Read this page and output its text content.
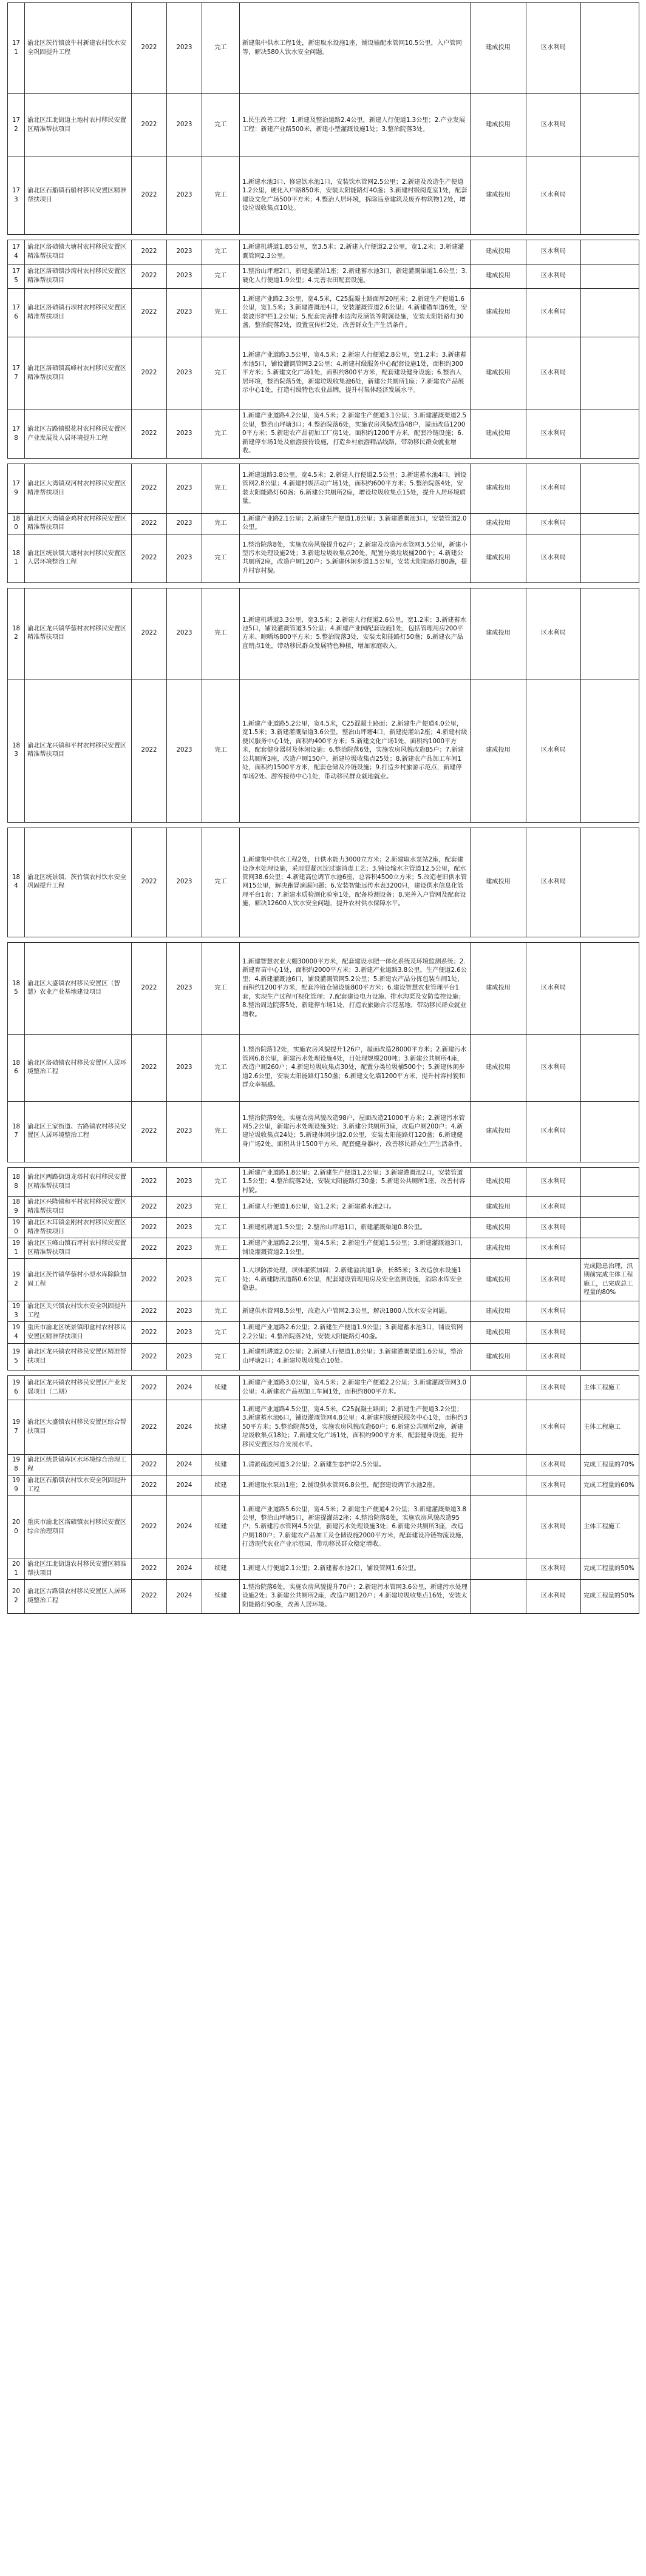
171	渝北区茨竹镇放牛村新建农村饮水安全巩固提升工程	2022	2023	完工	新建集中供水工程1处，新建取水设施1座，铺设输配水管网10.5公里，入户管网等，解决580人饮水安全问题。	建成投用	区水利局	
172	渝北区江北街道土地村农村移民安置区精准帮扶项目	2022	2023	完工	1.民生改善工程：1.新建及整治道路2.4公里，新建人行便道1.3公里；2.产业发展工程：新建产业路500米，新建小型灌溉设施1处；3.整治院落3处。	建成投用	区水利局	
173	渝北区石船镇石船村移民安置区精准帮扶项目	2022	2023	完工	1.新建水池3口、修建饮水池1口，安装饮水管网2.5公里；2.新建及改造生产便道1.2公里，硬化入户路850米，安装太阳能路灯40盏；3.新建村级阅览室1处，配套建设文化广场500平方米；4.整治人居环境，拆除违章建筑及废弃构筑物12处，增设垃圾收集点10处。	建成投用	区水利局	

174	渝北区洛碛镇大塘村农村移民安置区精准帮扶项目	2022	2023	完工	1.新建机耕道1.85公里，宽3.5米；2.新建人行便道2.2公里，宽1.2米；3.新建灌溉管网2.3公里。	建成投用	区水利局	
175	渝北区洛碛镇沙湾村农村移民安置区精准帮扶项目	2022	2023	完工	1.整治山坪塘2口，新建提灌站1座；2.新建蓄水池3口，新建灌溉渠道1.6公里；3.硬化人行便道1.9公里；4.完善农田配套设施。	建成投用	区水利局	
176	渝北区洛碛镇石坝村农村移民安置区精准帮扶项目	2022	2023	完工	1.新建产业路2.3公里，宽4.5米，C25混凝土路面厚20厘米；2.新建生产便道1.6公里，宽1.5米；3.新建灌溉池4口，安装灌溉管道2.6公里；4.新建错车道6处，安装波形护栏1.2公里；5.配套完善排水边沟及涵管等附属设施，安装太阳能路灯30盏，整治院落2处，设置宣传栏2处，改善群众生产生活条件。	建成投用	区水利局	
177	渝北区洛碛镇高峰村农村移民安置区精准帮扶项目	2022	2023	完工	1.新建产业道路3.5公里，宽4.5米；2.新建人行便道2.8公里，宽1.2米；3.新建蓄水池5口，铺设灌溉管网3.2公里；4.新建村级服务中心配套设施1处，面积约300平方米；5.新建文化广场1处，面积约800平方米，配套建设健身设施；6.整治人居环境，整治院落5处，新建垃圾收集池6处，新建公共厕所1座；7.新建农产品展示中心1处，打造村级特色农业品牌，提升村集体经济发展水平。	建成投用	区水利局	
178	渝北区古路镇银花村农村移民安置区产业发展及人居环境提升工程	2022	2023	完工	1.新建产业道路4.2公里，宽4.5米；2.新建生产便道3.1公里；3.新建灌溉渠道2.5公里，整治山坪塘3口；4.整治院落6处，实施农房风貌改造48户，屋面改造12000平方米；5.新建农产品初加工厂房1处，面积约1200平方米，配套冷链设施；6.新建停车场1处及旅游接待设施，打造乡村旅游精品线路，带动移民群众就业增收。	建成投用	区水利局	

179	渝北区大湾镇双河村农村移民安置区精准帮扶项目	2022	2023	完工	1.新建道路3.8公里，宽4.5米；2.新建人行便道2.5公里；3.新建蓄水池4口，铺设管网2.8公里；4.新建村级活动广场1处，面积约600平方米；5.整治院落4处，安装太阳能路灯60盏；6.新建公共厕所2座，增设垃圾收集点15处，提升人居环境质量。	建成投用	区水利局	
180	渝北区大湾镇金鸡村农村移民安置区精准帮扶项目	2022	2023	完工	1.新建产业路2.1公里；2.新建生产便道1.8公里；3.新建灌溉池3口，安装管道2.0公里。	建成投用	区水利局	
181	渝北区统景镇大塘村农村移民安置区人居环境整治工程	2022	2023	完工	1.整治院落8处，实施农房风貌提升62户；2.新建及改造污水管网3.5公里，新建小型污水处理设施2处；3.新建垃圾收集点20处，配置分类垃圾桶200个；4.新建公共厕所2座，改造户厕120户；5.新建休闲步道1.5公里，安装太阳能路灯80盏，提升村容村貌。	建成投用	区水利局	

182	渝北区龙兴镇华蓥村农村移民安置区精准帮扶项目	2022	2023	完工	1.新建机耕道3.3公里，宽3.5米；2.新建人行便道2.6公里，宽1.2米；3.新建蓄水池5口，铺设灌溉管道3.5公里；4.新建产业园配套设施1处，包括管理用房200平方米、晾晒场800平方米；5.整治院落3处，安装太阳能路灯50盏；6.新建农产品直销点1处，带动移民群众发展特色种植，增加家庭收入。	建成投用	区水利局	
183	渝北区龙兴镇和平村农村移民安置区精准帮扶项目	2022	2023	完工	1.新建产业道路5.2公里，宽4.5米，C25混凝土路面；2.新建生产便道4.0公里，宽1.5米；3.新建灌溉渠道3.6公里，整治山坪塘4口，新建提灌站2座；4.新建村级便民服务中心1处，面积约400平方米；5.新建文化广场1处，面积约1000平方米，配套健身器材及休闲设施；6.整治院落6处，实施农房风貌改造85户；7.新建公共厕所3座，改造户厕150户，新建垃圾收集点25处；8.新建农产品加工车间1处，面积约1500平方米，配套仓储及冷链设施；9.打造乡村旅游示范点，新建停车场2处、游客接待中心1处，带动移民群众就地就业。	建成投用	区水利局	

184	渝北区统景镇、茨竹镇农村饮水安全巩固提升工程	2022	2023	完工	1.新建集中供水工程2处，日供水能力3000立方米；2.新建取水泵站2座，配套建设净水处理设施，采用混凝沉淀过滤消毒工艺；3.铺设输水主管道12.5公里，配水管网38.6公里；4.新建高位调节水池6座，总容积4500立方米；5.改造老旧供水管网15公里，解决跑冒滴漏问题；6.安装智能远传水表3200只，建设供水信息化管理平台1套；7.新建水质检测化验室1处，配备检测设备；8.完善入户管网及配套设施，解决12600人饮水安全问题，提升农村供水保障水平。	建成投用	区水利局	

185	渝北区大盛镇农村移民安置区（智慧）农业产业基地建设项目	2022	2023	完工	1.新建智慧农业大棚30000平方米，配套建设水肥一体化系统及环境监测系统；2.新建育苗中心1处，面积约2000平方米；3.新建产业道路3.8公里，生产便道2.6公里；4.新建灌溉池6口，铺设灌溉管网5.2公里；5.新建农产品分拣包装车间1处，面积约1200平方米，配套冷链仓储设施800平方米；6.建设智慧农业管理平台1套，实现生产过程可视化管理；7.配套建设电力设施、排水沟渠及安防监控设施；8.整治周边院落5处，新建停车场1处，打造农旅融合示范基地，带动移民群众就业增收。	建成投用	区水利局	
186	渝北区洛碛镇农村移民安置区人居环境整治工程	2022	2023	完工	1.整治院落12处，实施农房风貌提升126户，屋面改造28000平方米；2.新建污水管网6.8公里，新建污水处理设施4处，日处理规模200吨；3.新建公共厕所4座，改造户厕260户；4.新建垃圾收集点30处，配置分类垃圾桶500个；5.新建休闲步道2.6公里，安装太阳能路灯150盏；6.新建文化墙1200平方米，提升村容村貌和群众幸福感。	建成投用	区水利局	
187	渝北区王家街道、古路镇农村移民安置区人居环境整治工程	2022	2023	完工	1.整治院落9处，实施农房风貌改造98户，屋面改造21000平方米；2.新建污水管网5.2公里，新建污水处理设施3处；3.新建公共厕所3座，改造户厕200户；4.新建垃圾收集点24处；5.新建休闲步道2.0公里，安装太阳能路灯120盏；6.新建健身广场2处，面积共计1500平方米，配套健身器材，改善移民群众生产生活条件。	建成投用	区水利局	

188	渝北区两路街道龙塔村农村移民安置区精准帮扶项目	2022	2023	完工	1.新建产业道路1.8公里；2.新建生产便道1.2公里；3.新建灌溉池2口，安装管道1.5公里；4.整治院落2处，安装太阳能路灯30盏；5.新建公共厕所1座，改善村容村貌。	建成投用	区水利局	
189	渝北区兴隆镇和平村农村移民安置区精准帮扶项目	2022	2023	完工	1.新建人行便道1.6公里，宽1.2米；2.新建蓄水池2口。	建成投用	区水利局	
190	渝北区木耳镇金刚村农村移民安置区精准帮扶项目	2022	2023	完工	1.新建机耕道1.5公里；2.整治山坪塘1口，新建灌溉渠道0.8公里。	建成投用	区水利局	
191	渝北区玉峰山镇石坪村农村移民安置区精准帮扶项目	2022	2023	完工	1.新建产业道路2.2公里，宽4.5米；2.新建生产便道1.5公里；3.新建灌溉池3口，铺设灌溉管道2.1公里。	建成投用	区水利局	
192	渝北区茨竹镇华蓥村小型水库除险加固工程	2022	2023	完工	1.大坝防渗处理，坝体灌浆加固；2.新建溢洪道1条，长85米；3.改造放水设施1处；4.新建防汛道路0.6公里，配套建设管理用房及安全监测设施，消除水库安全隐患。	建成投用	区水利局	完成隐患治理，汛期前完成主体工程施工，已完成总工程量的80%
193	渝北区关兴镇农村饮水安全巩固提升工程	2022	2023	完工	新建供水管网8.5公里，改造入户管网2.3公里，解决1800人饮水安全问题。	建成投用	区水利局	
194	重庆市渝北区统景镇印盒村农村移民安置区精准帮扶项目	2022	2023	完工	1.新建产业道路2.6公里；2.新建生产便道1.9公里；3.新建蓄水池3口，铺设管网2.2公里；4.整治院落2处，安装太阳能路灯40盏。	建成投用	区水利局	
195	渝北区龙兴镇农村移民安置区精准帮扶项目	2022	2023	完工	1.新建机耕道2.0公里；2.新建人行便道1.8公里；3.新建灌溉渠道1.6公里，整治山坪塘2口；4.新建垃圾收集点10处。	建成投用	区水利局	

196	渝北区龙兴镇农村移民安置区产业发展项目（二期）	2022	2024	续建	1.新建产业道路3.0公里，宽4.5米；2.新建生产便道2.2公里；3.新建灌溉管网3.0公里；4.新建农产品初加工车间1处，面积约800平方米。		区水利局	主体工程施工
197	渝北区大盛镇农村移民安置区综合帮扶项目	2022	2024	续建	1.新建产业道路4.5公里，宽4.5米，C25混凝土路面；2.新建生产便道3.2公里；3.新建蓄水池6口，铺设灌溉管网4.8公里；4.新建村级便民服务中心1处，面积约350平方米；5.整治院落5处，实施农房风貌改造60户；6.新建公共厕所2座，新建垃圾收集点18处；7.新建文化广场1处，面积约900平方米，配套健身设施，提升移民安置区综合发展水平。		区水利局	主体工程施工
198	渝北区统景镇库区水环境综合治理工程	2022	2024	续建	1.清淤疏浚河道3.2公里；2.新建生态护岸2.5公里。		区水利局	完成工程量的70%
199	渝北区石船镇农村饮水安全巩固提升工程	2022	2024	续建	1.新建取水泵站1座；2.铺设供水管网6.8公里，配套建设调节水池2座。		区水利局	完成工程量的60%
200	重庆市渝北区洛碛镇农村移民安置区综合治理项目	2022	2024	续建	1.新建产业道路5.6公里，宽4.5米；2.新建生产便道4.2公里；3.新建灌溉渠道3.8公里，整治山坪塘5口，新建提灌站2座；4.整治院落8处，实施农房风貌改造95户；5.新建污水管网4.5公里，新建污水处理设施3处；6.新建公共厕所3座，改造户厕180户；7.新建农产品加工及仓储设施2000平方米，配套建设冷链物流设施，打造现代农业产业示范园，带动移民群众稳定增收。		区水利局	主体工程施工
201	渝北区江北街道农村移民安置区精准帮扶项目	2022	2024	续建	1.新建人行便道2.1公里；2.新建蓄水池2口，铺设管网1.6公里。		区水利局	完成工程量的50%
202	渝北区古路镇农村移民安置区人居环境整治工程	2022	2024	续建	1.整治院落6处，实施农房风貌提升70户；2.新建污水管网3.6公里，新建污水处理设施2处；3.新建公共厕所2座，改造户厕120户；4.新建垃圾收集点16处，安装太阳能路灯90盏，改善人居环境。		区水利局	完成工程量的50%
